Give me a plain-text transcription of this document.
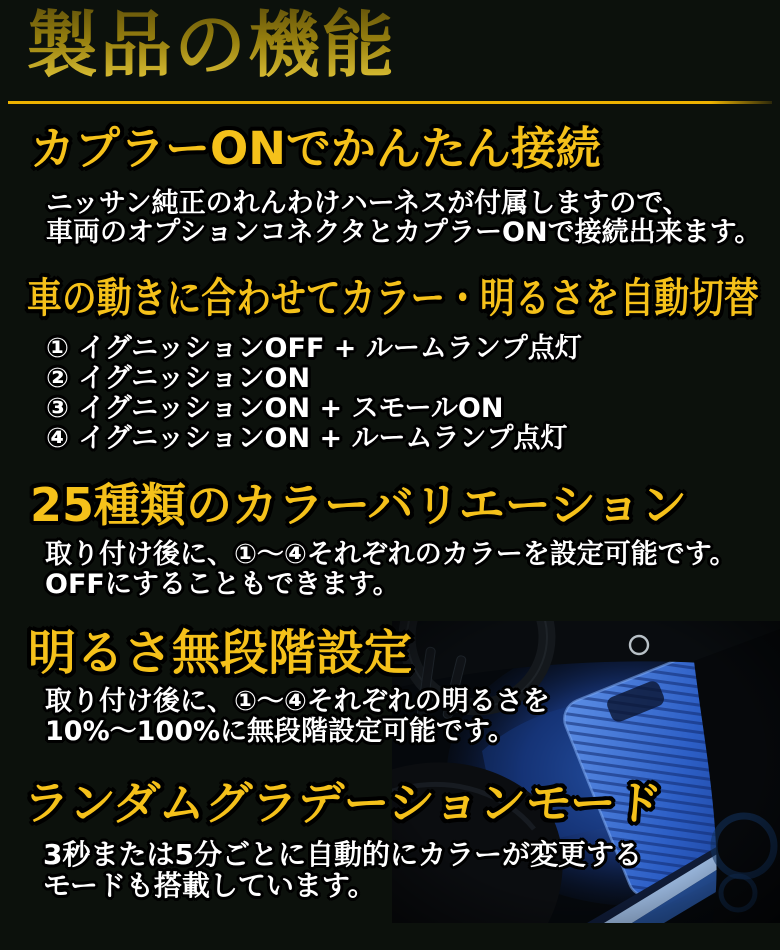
製品の機能
カプラーONでかんたん接続

ニッサン純正のれんわけハーネスが付属しますので、

車両のオプションコネクタとカプラーONで接続出来ます。

車の動きに合わせてカラー・明るさを自動切替

① イグニッションOFF + ルームランプ点灯

② イグニッションON

③ イグニッションON + スモールON

④ イグニッションON + ルームランプ点灯

25種類のカラーバリエーション

取り付け後に、①～④それぞれのカラーを設定可能です。

OFFにすることもできます。

明るさ無段階設定

取り付け後に、①～④それぞれの明るさを

10%～100%に無段階設定可能です。

ランダムグラデーションモード

3秒または5分ごとに自動的にカラーが変更する

モードも搭載しています。
